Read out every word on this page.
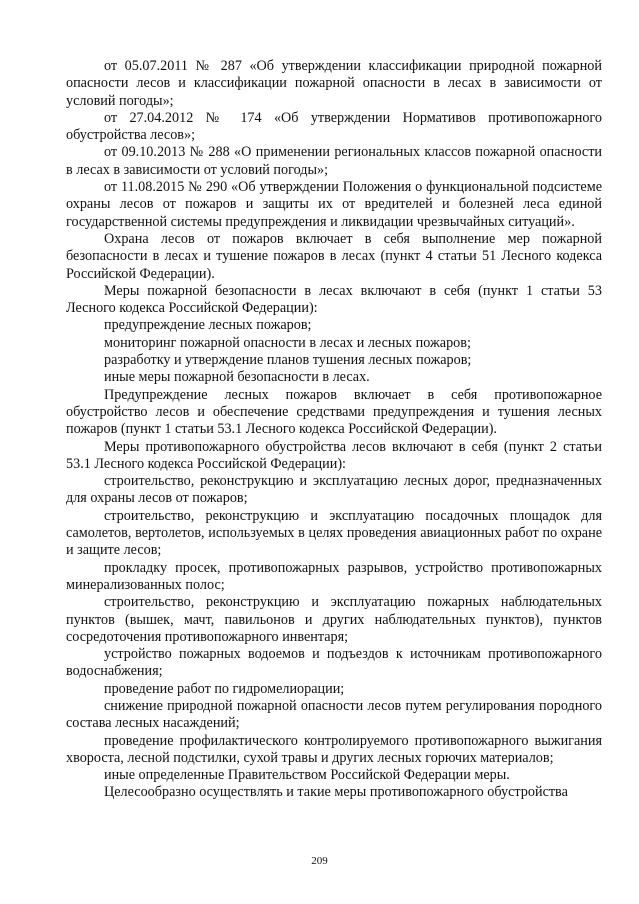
от 05.07.2011 № 287 «Об утверждении классификации природной пожарной опасности лесов и классификации пожарной опасности в лесах в зависимости от условий погоды»;

от 27.04.2012 № 174 «Об утверждении Нормативов противопожарного обустройства лесов»;

от 09.10.2013 № 288 «О применении региональных классов пожарной опасности в лесах в зависимости от условий погоды»;

от 11.08.2015 № 290 «Об утверждении Положения о функциональной подсистеме охраны лесов от пожаров и защиты их от вредителей и болезней леса единой государственной системы предупреждения и ликвидации чрезвычайных ситуаций».

Охрана лесов от пожаров включает в себя выполнение мер пожарной безопасности в лесах и тушение пожаров в лесах (пункт 4 статьи 51 Лесного кодекса Российской Федерации).

Меры пожарной безопасности в лесах включают в себя (пункт 1 статьи 53 Лесного кодекса Российской Федерации):

предупреждение лесных пожаров;

мониторинг пожарной опасности в лесах и лесных пожаров;

разработку и утверждение планов тушения лесных пожаров;

иные меры пожарной безопасности в лесах.

Предупреждение лесных пожаров включает в себя противопожарное обустройство лесов и обеспечение средствами предупреждения и тушения лесных пожаров (пункт 1 статьи 53.1 Лесного кодекса Российской Федерации).

Меры противопожарного обустройства лесов включают в себя (пункт 2 статьи 53.1 Лесного кодекса Российской Федерации):

строительство, реконструкцию и эксплуатацию лесных дорог, предназначенных для охраны лесов от пожаров;

строительство, реконструкцию и эксплуатацию посадочных площадок для самолетов, вертолетов, используемых в целях проведения авиационных работ по охране и защите лесов;

прокладку просек, противопожарных разрывов, устройство противопожарных минерализованных полос;

строительство, реконструкцию и эксплуатацию пожарных наблюдательных пунктов (вышек, мачт, павильонов и других наблюдательных пунктов), пунктов сосредоточения противопожарного инвентаря;

устройство пожарных водоемов и подъездов к источникам противопожарного водоснабжения;

проведение работ по гидромелиорации;

снижение природной пожарной опасности лесов путем регулирования породного состава лесных насаждений;

проведение профилактического контролируемого противопожарного выжигания хвороста, лесной подстилки, сухой травы и других лесных горючих материалов;

иные определенные Правительством Российской Федерации меры.

Целесообразно осуществлять и такие меры противопожарного обустройства

209
